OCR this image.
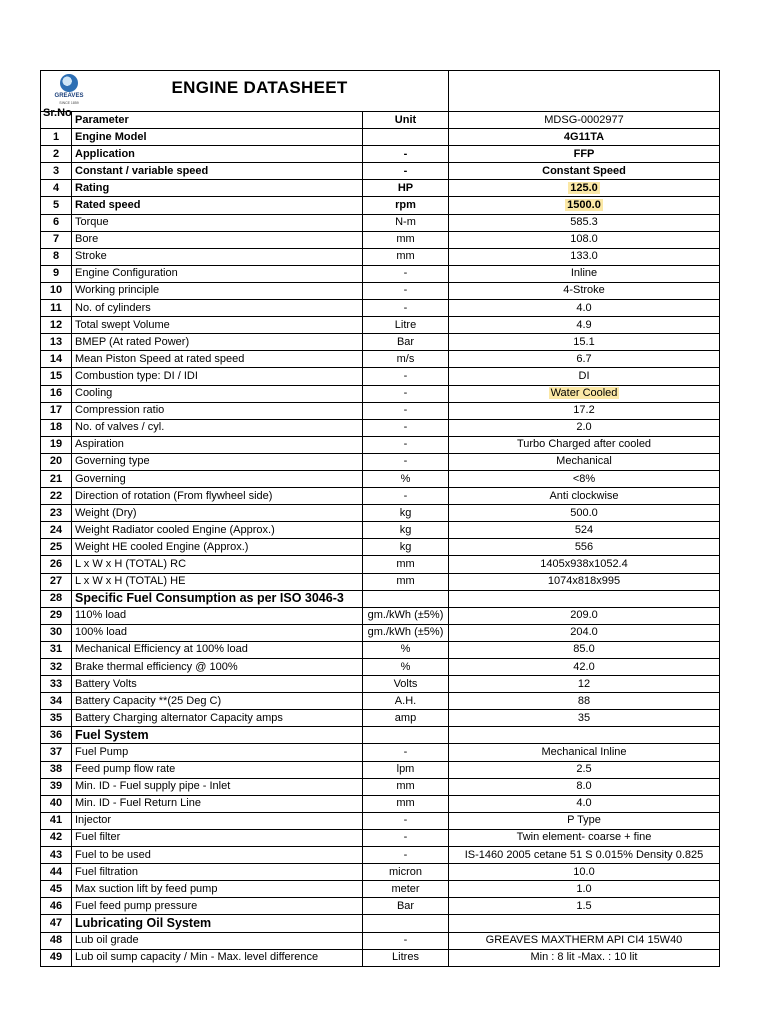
GREAVES
SINCE 1859	ENGINE DATASHEET		

Sr.No	Parameter	Unit	MDSG-0002977
1	Engine Model		4G11TA
2	Application	-	FFP
3	Constant / variable speed	-	Constant Speed
4	Rating	HP	125.0
5	Rated speed	rpm	1500.0
6	Torque	N-m	585.3
7	Bore	mm	108.0
8	Stroke	mm	133.0
9	Engine Configuration	-	Inline
10	Working principle	-	4-Stroke
11	No. of cylinders	-	4.0
12	Total swept Volume	Litre	4.9
13	BMEP (At rated Power)	Bar	15.1
14	Mean Piston Speed at rated speed	m/s	6.7
15	Combustion type: DI / IDI	-	DI
16	Cooling	-	Water Cooled
17	Compression ratio	-	17.2
18	No. of valves / cyl.	-	2.0
19	Aspiration	-	Turbo Charged after cooled
20	Governing type	-	Mechanical
21	Governing	%	<8%
22	Direction of rotation (From flywheel side)	-	Anti clockwise
23	Weight (Dry)	kg	500.0
24	Weight Radiator cooled Engine (Approx.)	kg	524
25	Weight HE cooled Engine (Approx.)	kg	556
26	L x W x H (TOTAL) RC	mm	1405x938x1052.4
27	L x W x H (TOTAL) HE	mm	1074x818x995
28	Specific Fuel Consumption as per ISO 3046-3		
29	110% load	gm./kWh (±5%)	209.0
30	100% load	gm./kWh (±5%)	204.0
31	Mechanical Efficiency at 100% load	%	85.0
32	Brake thermal efficiency @ 100%	%	42.0
33	Battery Volts	Volts	12
34	Battery Capacity **(25 Deg C)	A.H.	88
35	Battery Charging alternator Capacity amps	amp	35
36	Fuel System		
37	Fuel Pump	-	Mechanical Inline
38	Feed pump flow rate	lpm	2.5
39	Min. ID - Fuel supply pipe - Inlet	mm	8.0
40	Min. ID - Fuel Return Line	mm	4.0
41	Injector	-	P Type
42	Fuel filter	-	Twin element- coarse + fine
43	Fuel to be used	-	IS-1460 2005 cetane 51 S 0.015% Density 0.825
44	Fuel filtration	micron	10.0
45	Max suction lift by feed pump	meter	1.0
46	Fuel feed pump pressure	Bar	1.5
47	Lubricating Oil System		
48	Lub oil grade	-	GREAVES MAXTHERM API CI4 15W40
49	Lub oil sump capacity / Min - Max. level difference	Litres	Min : 8 lit -Max. : 10 lit
